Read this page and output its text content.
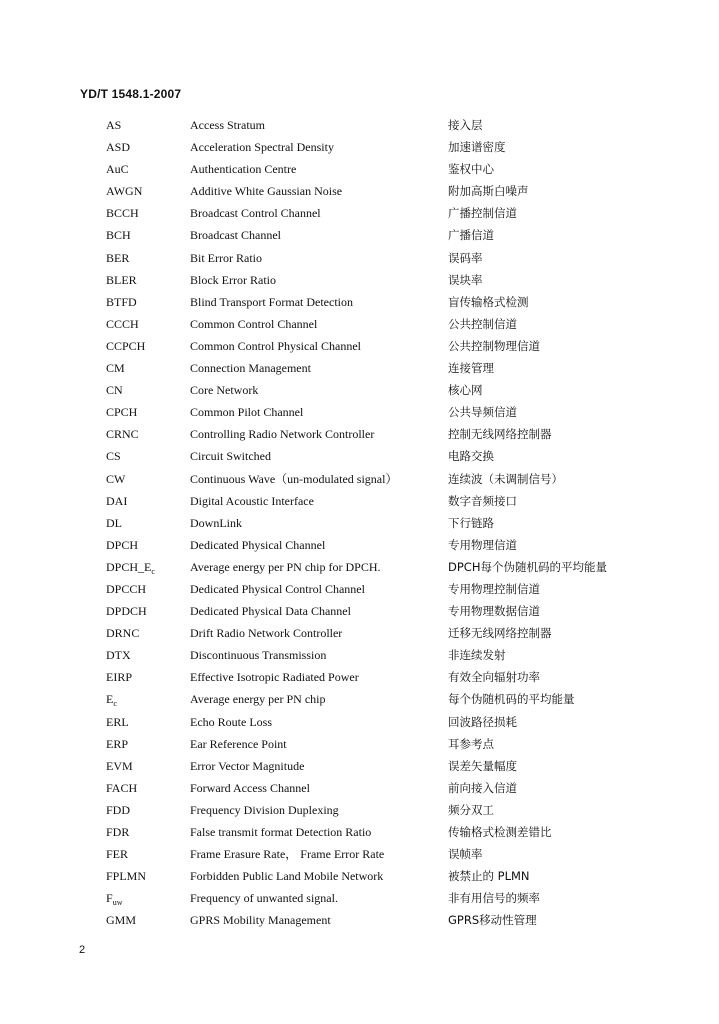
YD/T 1548.1-2007
AS	Access Stratum	接入层
ASD	Acceleration Spectral Density	加速谱密度
AuC	Authentication Centre	鉴权中心
AWGN	Additive White Gaussian Noise	附加高斯白噪声
BCCH	Broadcast Control Channel	广播控制信道
BCH	Broadcast Channel	广播信道
BER	Bit Error Ratio	误码率
BLER	Block Error Ratio	误块率
BTFD	Blind Transport Format Detection	盲传输格式检测
CCCH	Common Control Channel	公共控制信道
CCPCH	Common Control Physical Channel	公共控制物理信道
CM	Connection Management	连接管理
CN	Core Network	核心网
CPCH	Common Pilot Channel	公共导频信道
CRNC	Controlling Radio Network Controller	控制无线网络控制器
CS	Circuit Switched	电路交换
CW	Continuous Wave（un-modulated signal）	连续波（未调制信号）
DAI	Digital Acoustic Interface	数字音频接口
DL	DownLink	下行链路
DPCH	Dedicated Physical Channel	专用物理信道
$DPCH\_E_c$	Average energy per PN chip for DPCH.	DPCH每个伪随机码的平均能量
DPCCH	Dedicated Physical Control Channel	专用物理控制信道
DPDCH	Dedicated Physical Data Channel	专用物理数据信道
DRNC	Drift Radio Network Controller	迁移无线网络控制器
DTX	Discontinuous Transmission	非连续发射
EIRP	Effective Isotropic Radiated Power	有效全向辐射功率
$E_c$	Average energy per PN chip	每个伪随机码的平均能量
ERL	Echo Route Loss	回波路径损耗
ERP	Ear Reference Point	耳参考点
EVM	Error Vector Magnitude	误差矢量幅度
FACH	Forward Access Channel	前向接入信道
FDD	Frequency Division Duplexing	频分双工
FDR	False transmit format Detection Ratio	传输格式检测差错比
FER	Frame Erasure Rate， Frame Error Rate	误帧率
FPLMN	Forbidden Public Land Mobile Network	被禁止的 PLMN
$F_{uw}$	Frequency of unwanted signal.	非有用信号的频率
GMM	GPRS Mobility Management	GPRS移动性管理
2
